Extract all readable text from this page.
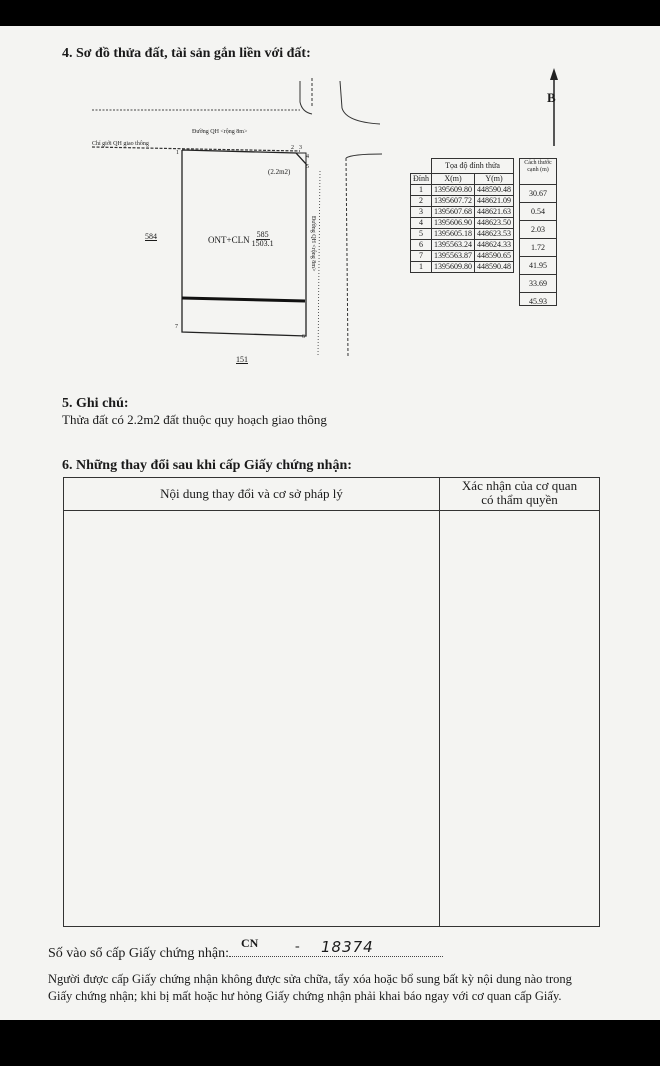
4. Sơ đồ thửa đất, tài sản gắn liền với đất:
Đường QH <rộng 8m>
Chỉ giới QH giao thông
Đường QH <rộng 8m>
B
(2.2m2)
584
151
ONT+CLN 585
1503.1
1
2 3
4
5
6
7
	Tọa độ đỉnh thửa	
Đỉnh	X(m)	Y(m)
1	1395609.80	448590.48
2	1395607.72	448621.09
3	1395607.68	448621.63
4	1395606.90	448623.50
5	1395605.18	448623.53
6	1395563.24	448624.33
7	1395563.87	448590.65
1	1395609.80	448590.48
Cách thước cạnh (m)
30.67
0.54
2.03
1.72
41.95
33.69
45.93
5. Ghi chú:
Thửa đất có 2.2m2 đất thuộc quy hoạch giao thông
6. Những thay đổi sau khi cấp Giấy chứng nhận:
Nội dung thay đổi và cơ sở pháp lý
Xác nhận của cơ quan
có thẩm quyền
Số vào sổ cấp Giấy chứng nhận:
CN	- 18374
Người được cấp Giấy chứng nhận không được sửa chữa, tẩy xóa hoặc bổ sung bất kỳ nội dung nào trong
Giấy chứng nhận; khi bị mất hoặc hư hỏng Giấy chứng nhận phải khai báo ngay với cơ quan cấp Giấy.
